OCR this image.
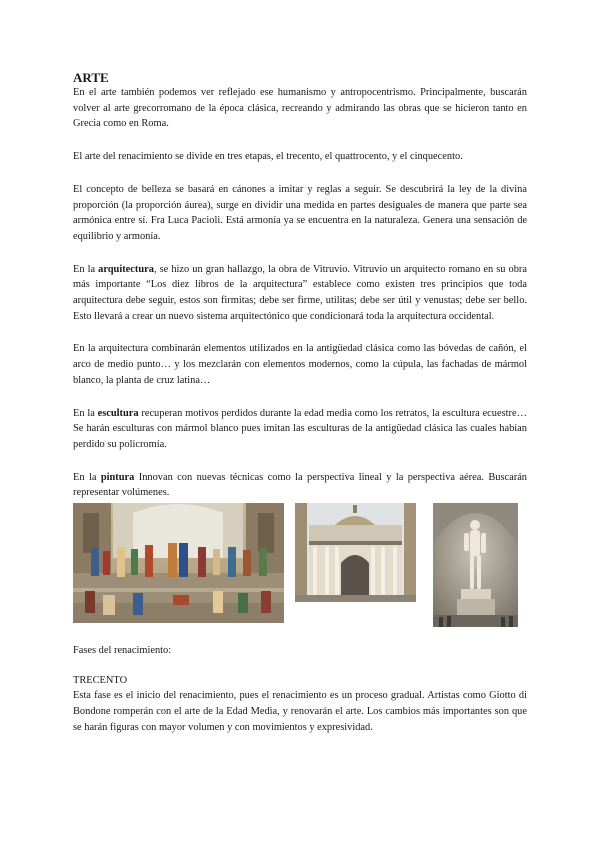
ARTE

En el arte también podemos ver reflejado ese humanismo y antropocentrismo. Principalmente, buscarán volver al arte grecorromano de la época clásica, recreando y admirando las obras que se hicieron tanto en Grecia como en Roma.

El arte del renacimiento se divide en tres etapas, el trecento, el quattrocento, y el cinquecento.

El concepto de belleza se basará en cánones a imitar y reglas a seguir. Se descubrirá la ley de la divina proporción (la proporción áurea), surge en dividir una medida en partes desiguales de manera que parte sea armónica entre sí. Fra Luca Pacioli. Está armonía ya se encuentra en la naturaleza. Genera una sensación de equilibrio y armonía.

En la arquitectura, se hizo un gran hallazgo, la obra de Vitruvio. Vitruvio un arquitecto romano en su obra más importante “Los diez libros de la arquitectura” establece como existen tres principios que toda arquitectura debe seguir, estos son firmitas; debe ser firme, utilitas; debe ser útil y venustas; debe ser bello. Esto llevará a crear un nuevo sistema arquitectónico que condicionará toda la arquitectura occidental.

En la arquitectura combinarán elementos utilizados en la antigüedad clásica como las bóvedas de cañón, el arco de medio punto… y los mezclarán con elementos modernos, como la cúpula, las fachadas de mármol blanco, la planta de cruz latina…

En la escultura recuperan motivos perdidos durante la edad media como los retratos, la escultura ecuestre… Se harán esculturas con mármol blanco pues imitan las esculturas de la antigüedad clásica las cuales habían perdido su policromía.

En la pintura Innovan con nuevas técnicas como la perspectiva lineal y la perspectiva aérea. Buscarán representar volúmenes.

Fases del renacimiento:

TRECENTO

Esta fase es el inicio del renacimiento, pues el renacimiento es un proceso gradual. Artistas como Giotto di Bondone romperán con el arte de la Edad Media, y renovarán el arte. Los cambios más importantes son que se harán figuras con mayor volumen y con movimientos y expresividad.
